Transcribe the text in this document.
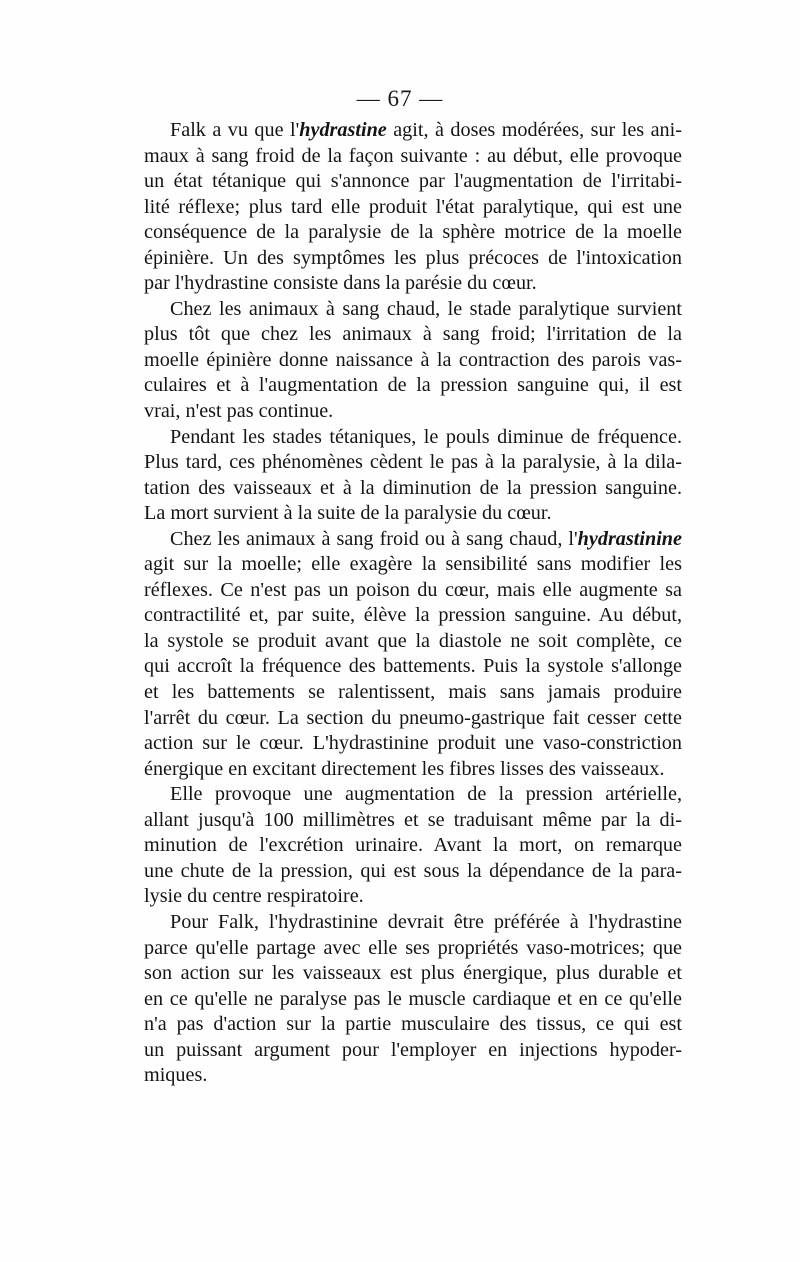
— 67 —
Falk a vu que l'hydrastine agit, à doses modérées, sur les ani-
maux à sang froid de la façon suivante : au début, elle provoque
un état tétanique qui s'annonce par l'augmentation de l'irritabi-
lité réflexe; plus tard elle produit l'état paralytique, qui est une
conséquence de la paralysie de la sphère motrice de la moelle
épinière. Un des symptômes les plus précoces de l'intoxication
par l'hydrastine consiste dans la parésie du cœur.
Chez les animaux à sang chaud, le stade paralytique survient
plus tôt que chez les animaux à sang froid; l'irritation de la
moelle épinière donne naissance à la contraction des parois vas-
culaires et à l'augmentation de la pression sanguine qui, il est
vrai, n'est pas continue.
Pendant les stades tétaniques, le pouls diminue de fréquence.
Plus tard, ces phénomènes cèdent le pas à la paralysie, à la dila-
tation des vaisseaux et à la diminution de la pression sanguine.
La mort survient à la suite de la paralysie du cœur.
Chez les animaux à sang froid ou à sang chaud, l'hydrastinine
agit sur la moelle; elle exagère la sensibilité sans modifier les
réflexes. Ce n'est pas un poison du cœur, mais elle augmente sa
contractilité et, par suite, élève la pression sanguine. Au début,
la systole se produit avant que la diastole ne soit complète, ce
qui accroît la fréquence des battements. Puis la systole s'allonge
et les battements se ralentissent, mais sans jamais produire
l'arrêt du cœur. La section du pneumo-gastrique fait cesser cette
action sur le cœur. L'hydrastinine produit une vaso-constriction
énergique en excitant directement les fibres lisses des vaisseaux.
Elle provoque une augmentation de la pression artérielle,
allant jusqu'à 100 millimètres et se traduisant même par la di-
minution de l'excrétion urinaire. Avant la mort, on remarque
une chute de la pression, qui est sous la dépendance de la para-
lysie du centre respiratoire.
Pour Falk, l'hydrastinine devrait être préférée à l'hydrastine
parce qu'elle partage avec elle ses propriétés vaso-motrices; que
son action sur les vaisseaux est plus énergique, plus durable et
en ce qu'elle ne paralyse pas le muscle cardiaque et en ce qu'elle
n'a pas d'action sur la partie musculaire des tissus, ce qui est
un puissant argument pour l'employer en injections hypoder-
miques.
